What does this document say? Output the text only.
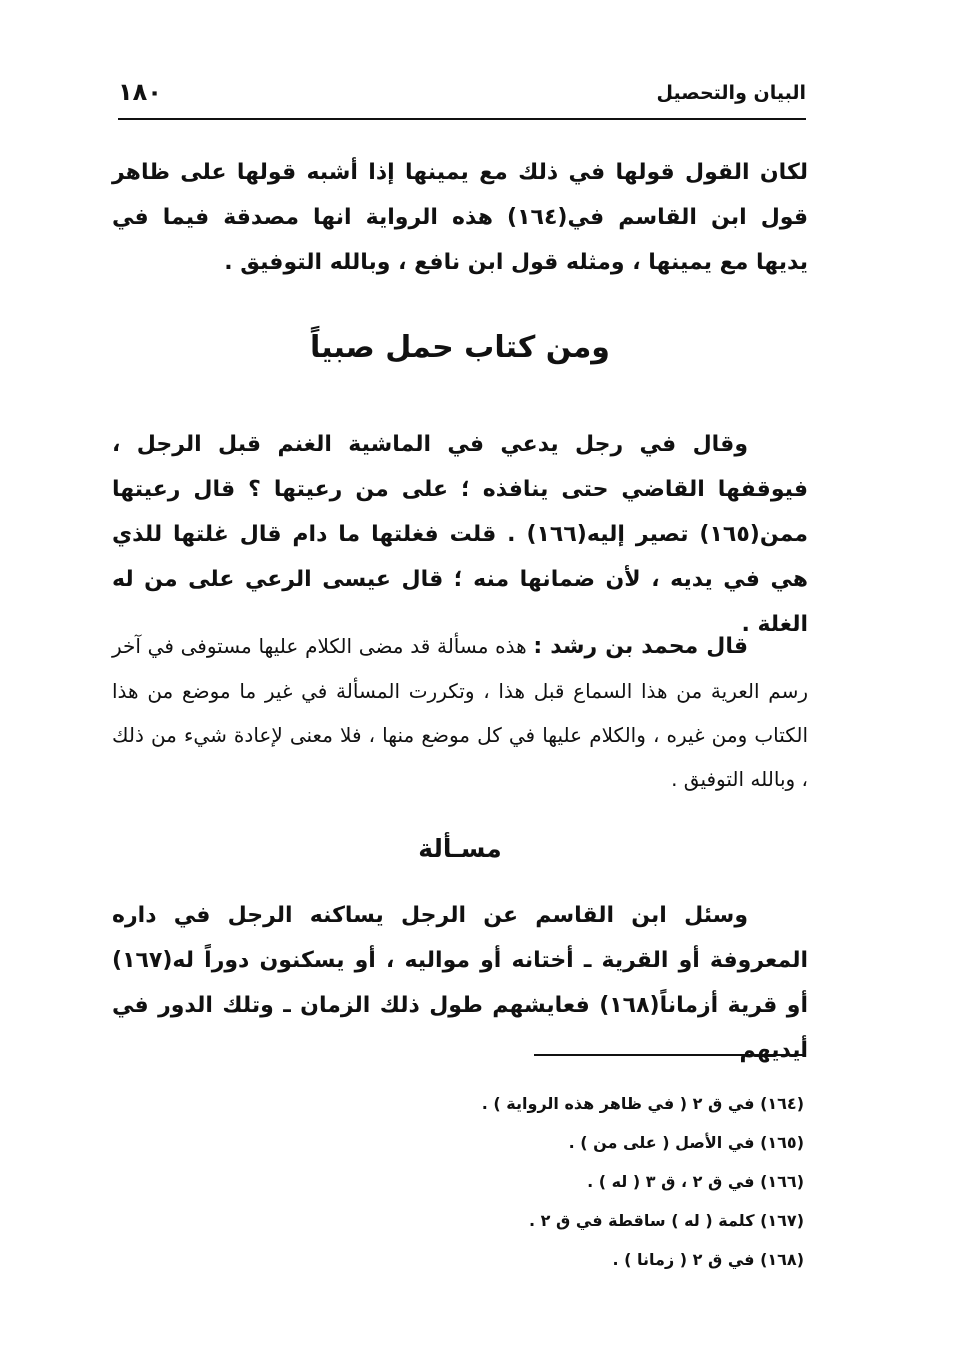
١٨٠	البيان والتحصيل
لكان القول قولها في ذلك مع يمينها إذا أشبه قولها على ظاهر قول ابن القاسم في(١٦٤) هذه الرواية انها مصدقة فيما في يديها مع يمينها ، ومثله قول ابن نافع ، وبالله التوفيق .
ومن كتاب حمل صبياً
وقال في رجل يدعي في الماشية الغنم قبل الرجل ، فيوقفها القاضي حتى ينافذه ؛ على من رعيتها ؟ قال رعيتها ممن(١٦٥) تصير إليه(١٦٦) . قلت فغلتها ما دام قال غلتها للذي هي في يديه ، لأن ضمانها منه ؛ قال عيسى الرعي على من له الغلة .
قال محمد بن رشد : هذه مسألة قد مضى الكلام عليها مستوفى في آخر رسم العرية من هذا السماع قبل هذا ، وتكررت المسألة في غير ما موضع من هذا الكتاب ومن غيره ، والكلام عليها في كل موضع منها ، فلا معنى لإعادة شيء من ذلك ، وبالله التوفيق .
مسـألة
وسئل ابن القاسم عن الرجل يساكنه الرجل في داره المعروفة أو القرية ـ أختانه أو مواليه ، أو يسكنون دوراً له(١٦٧) أو قرية أزماناً(١٦٨) فعايشهم طول ذلك الزمان ـ وتلك الدور في أيديهم
(١٦٤) في ق ٢ ( في ظاهر هذه الرواية ) .
(١٦٥) في الأصل ( على من ) .
(١٦٦) في ق ٢ ، ق ٣ ( له ) .
(١٦٧) كلمة ( له ) ساقطة في ق ٢ .
(١٦٨) في ق ٢ ( زمانا ) .
